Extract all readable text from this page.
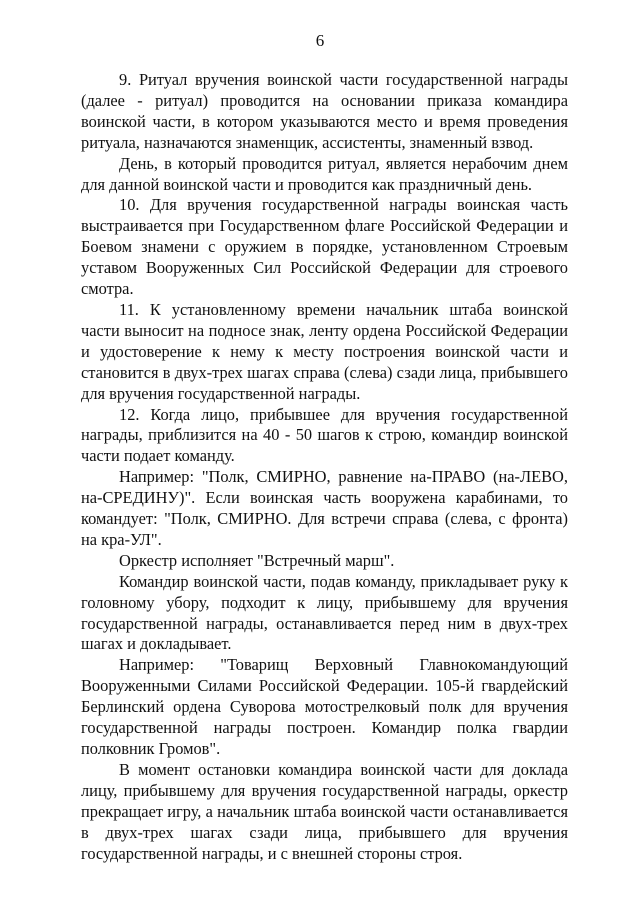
6

9. Ритуал вручения воинской части государственной награды (далее - ритуал) проводится на основании приказа командира воинской части, в котором указываются место и время проведения ритуала, назначаются знаменщик, ассистенты, знаменный взвод.

День, в который проводится ритуал, является нерабочим днем для данной воинской части и проводится как праздничный день.

10. Для вручения государственной награды воинская часть выстраивается при Государственном флаге Российской Федерации и Боевом знамени с оружием в порядке, установленном Строевым уставом Вооруженных Сил Российской Федерации для строевого смотра.

11. К установленному времени начальник штаба воинской части выносит на подносе знак, ленту ордена Российской Федерации и удостоверение к нему к месту построения воинской части и становится в двух-трех шагах справа (слева) сзади лица, прибывшего для вручения государственной награды.

12. Когда лицо, прибывшее для вручения государственной награды, приблизится на 40 - 50 шагов к строю, командир воинской части подает команду.

Например: "Полк, СМИРНО, равнение на-ПРАВО (на-ЛЕВО, на-СРЕДИНУ)". Если воинская часть вооружена карабинами, то командует: "Полк, СМИРНО. Для встречи справа (слева, с фронта) на кра-УЛ".

Оркестр исполняет "Встречный марш".

Командир воинской части, подав команду, прикладывает руку к головному убору, подходит к лицу, прибывшему для вручения государственной награды, останавливается перед ним в двух-трех шагах и докладывает.

Например: "Товарищ Верховный Главнокомандующий Вооруженными Силами Российской Федерации. 105-й гвардейский Берлинский ордена Суворова мотострелковый полк для вручения государственной награды построен. Командир полка гвардии полковник Громов".

В момент остановки командира воинской части для доклада лицу, прибывшему для вручения государственной награды, оркестр прекращает игру, а начальник штаба воинской части останавливается в двух-трех шагах сзади лица, прибывшего для вручения государственной награды, и с внешней стороны строя.
